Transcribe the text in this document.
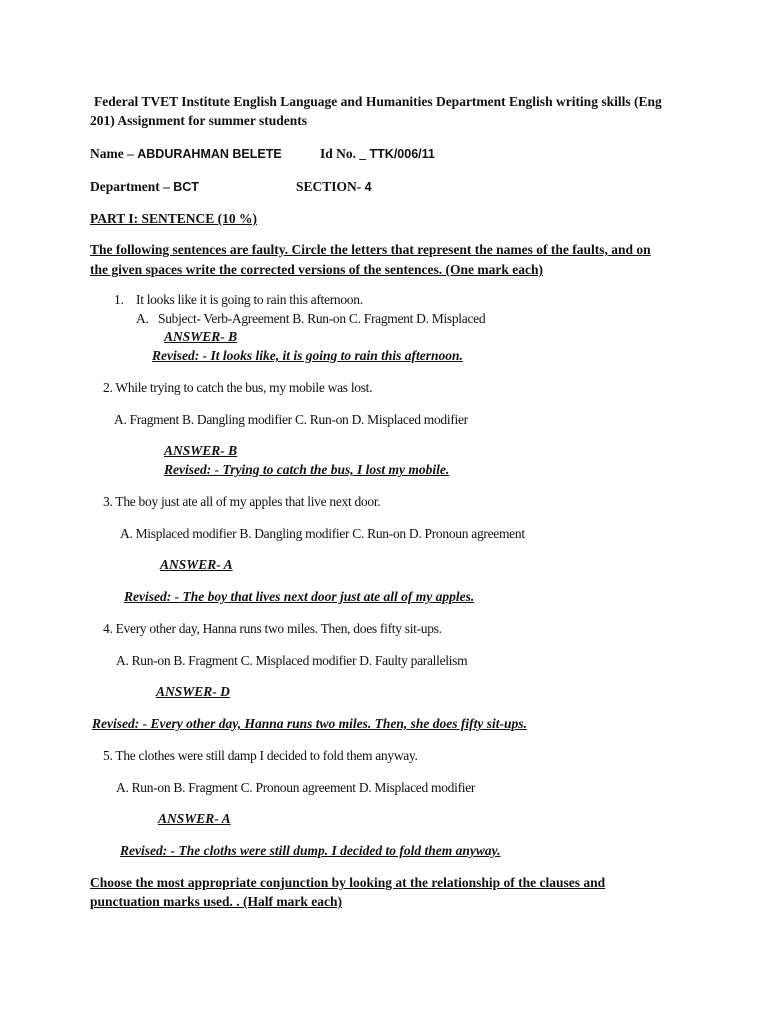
Federal TVET Institute English Language and Humanities Department English writing skills (Eng
201) Assignment for summer students
Name – ABDURAHMAN BELETE	Id No. _ TTK/006/11
Department – BCT	SECTION- 4
PART I: SENTENCE (10 %)
The following sentences are faulty. Circle the letters that represent the names of the faults, and on
the given spaces write the corrected versions of the sentences. (One mark each)
1. It looks like it is going to rain this afternoon.
A. Subject- Verb-Agreement B. Run-on C. Fragment D. Misplaced
ANSWER- B
Revised: - It looks like, it is going to rain this afternoon.
2. While trying to catch the bus, my mobile was lost.
A. Fragment B. Dangling modifier C. Run-on D. Misplaced modifier
ANSWER- B
Revised: - Trying to catch the bus, I lost my mobile.
3. The boy just ate all of my apples that live next door.
A. Misplaced modifier B. Dangling modifier C. Run-on D. Pronoun agreement
ANSWER- A
Revised: - The boy that lives next door just ate all of my apples.
4. Every other day, Hanna runs two miles. Then, does fifty sit-ups.
A. Run-on B. Fragment C. Misplaced modifier D. Faulty parallelism
ANSWER- D
Revised: - Every other day, Hanna runs two miles. Then, she does fifty sit-ups.
5. The clothes were still damp I decided to fold them anyway.
A. Run-on B. Fragment C. Pronoun agreement D. Misplaced modifier
ANSWER- A
Revised: - The cloths were still dump. I decided to fold them anyway.
Choose the most appropriate conjunction by looking at the relationship of the clauses and
punctuation marks used. . (Half mark each)
